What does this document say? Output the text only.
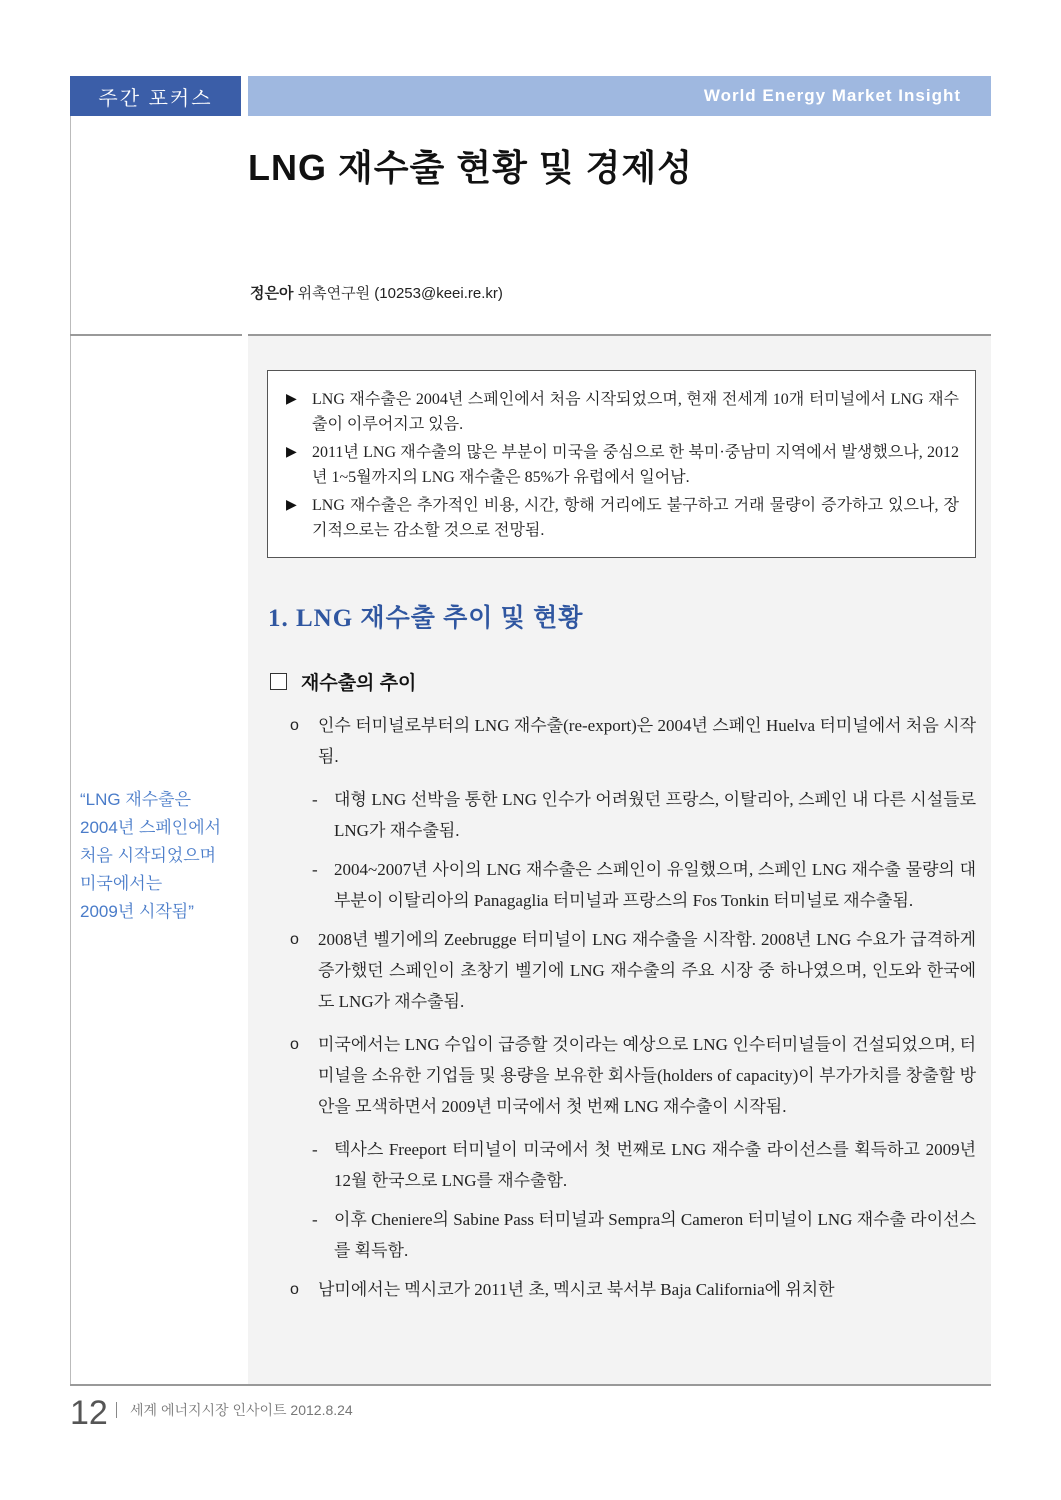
주간 포커스	World Energy Market Insight
LNG 재수출 현황 및 경제성
정은아 위촉연구원 (10253@keei.re.kr)
▶ LNG 재수출은 2004년 스페인에서 처음 시작되었으며, 현재 전세계 10개 터미널에서 LNG 재수출이 이루어지고 있음.
▶ 2011년 LNG 재수출의 많은 부분이 미국을 중심으로 한 북미·중남미 지역에서 발생했으나, 2012년 1~5월까지의 LNG 재수출은 85%가 유럽에서 일어남.
▶ LNG 재수출은 추가적인 비용, 시간, 항해 거리에도 불구하고 거래 물량이 증가하고 있으나, 장기적으로는 감소할 것으로 전망됨.
1. LNG 재수출 추이 및 현황
재수출의 추이
o 인수 터미널로부터의 LNG 재수출(re-export)은 2004년 스페인 Huelva 터미널에서 처음 시작됨.
- 대형 LNG 선박을 통한 LNG 인수가 어려웠던 프랑스, 이탈리아, 스페인 내 다른 시설들로 LNG가 재수출됨.
- 2004~2007년 사이의 LNG 재수출은 스페인이 유일했으며, 스페인 LNG 재수출 물량의 대부분이 이탈리아의 Panagaglia 터미널과 프랑스의 Fos Tonkin 터미널로 재수출됨.
o 2008년 벨기에의 Zeebrugge 터미널이 LNG 재수출을 시작함. 2008년 LNG 수요가 급격하게 증가했던 스페인이 초창기 벨기에 LNG 재수출의 주요 시장 중 하나였으며, 인도와 한국에도 LNG가 재수출됨.
o 미국에서는 LNG 수입이 급증할 것이라는 예상으로 LNG 인수터미널들이 건설되었으며, 터미널을 소유한 기업들 및 용량을 보유한 회사들(holders of capacity)이 부가가치를 창출할 방안을 모색하면서 2009년 미국에서 첫 번째 LNG 재수출이 시작됨.
- 텍사스 Freeport 터미널이 미국에서 첫 번째로 LNG 재수출 라이선스를 획득하고 2009년 12월 한국으로 LNG를 재수출함.
- 이후 Cheniere의 Sabine Pass 터미널과 Sempra의 Cameron 터미널이 LNG 재수출 라이선스를 획득함.
o 남미에서는 멕시코가 2011년 초, 멕시코 북서부 Baja California에 위치한
“LNG 재수출은
2004년 스페인에서
처음 시작되었으며
미국에서는
2009년 시작됨”
12 세계 에너지시장 인사이트 2012.8.24
